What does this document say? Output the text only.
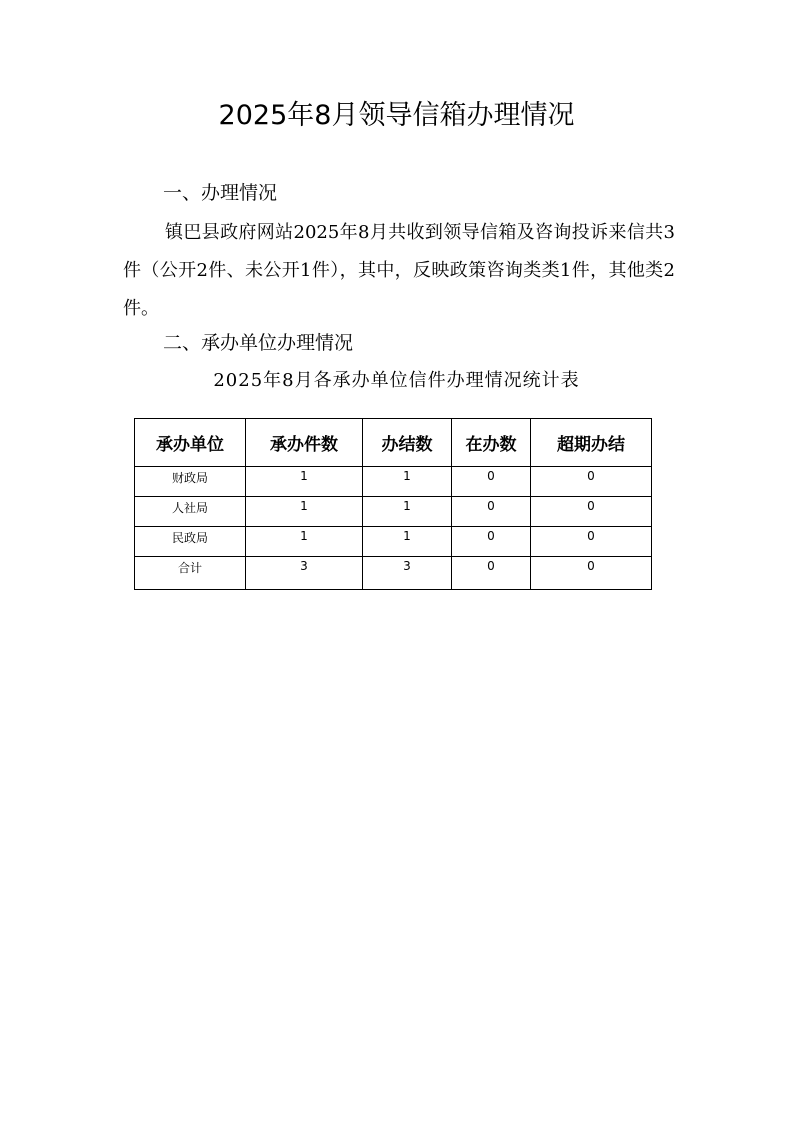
2025年8月领导信箱办理情况
一、办理情况
镇巴县政府网站2025年8月共收到领导信箱及咨询投诉来信共3件（公开2件、未公开1件），其中，反映政策咨询类类1件，其他类2件。
二、承办单位办理情况
2025年8月各承办单位信件办理情况统计表
承办单位	承办件数	办结数	在办数	超期办结
财政局	1	1	0	0
人社局	1	1	0	0
民政局	1	1	0	0
合计	3	3	0	0
